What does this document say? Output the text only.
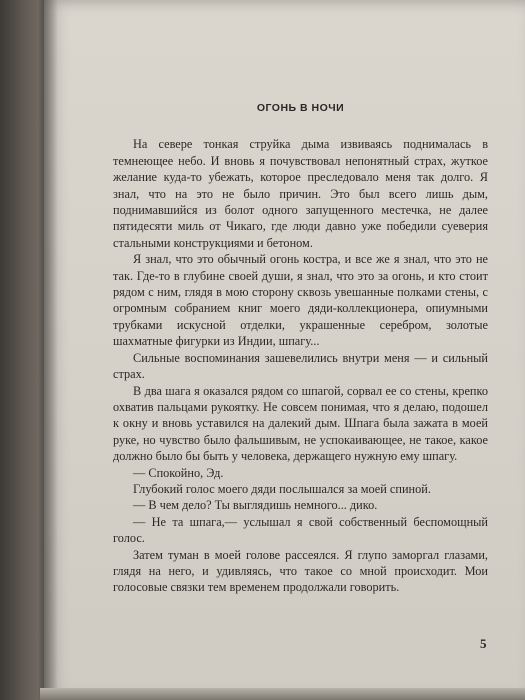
ОГОНЬ В НОЧИ

На севере тонкая струйка дыма извиваясь поднималась в темнеющее небо. И вновь я почувствовал непонятный страх, жуткое желание куда-то убежать, которое преследовало меня так долго. Я знал, что на это не было причин. Это был всего лишь дым, поднимавшийся из болот одного запущенного местечка, не далее пятидесяти миль от Чикаго, где люди давно уже победили суеверия стальными конструкциями и бетоном.

Я знал, что это обычный огонь костра, и все же я знал, что это не так. Где-то в глубине своей души, я знал, что это за огонь, и кто стоит рядом с ним, глядя в мою сторону сквозь увешанные полками стены, с огромным собранием книг моего дяди-коллекционера, опиумными трубками искусной отделки, украшенные серебром, золотые шахматные фигурки из Индии, шпагу...

Сильные воспоминания зашевелились внутри меня — и сильный страх.

В два шага я оказался рядом со шпагой, сорвал ее со стены, крепко охватив пальцами рукоятку. Не совсем понимая, что я делаю, подошел к окну и вновь уставился на далекий дым. Шпага была зажата в моей руке, но чувство было фальшивым, не успокаивающее, не такое, какое должно было бы быть у человека, держащего нужную ему шпагу.

— Спокойно, Эд.

Глубокий голос моего дяди послышался за моей спиной.

— В чем дело? Ты выглядишь немного... дико.

— Не та шпага,— услышал я свой собственный беспомощный голос.

Затем туман в моей голове рассеялся. Я глупо заморгал глазами, глядя на него, и удивляясь, что такое со мной происходит. Мои голосовые связки тем временем продолжали говорить.

5
